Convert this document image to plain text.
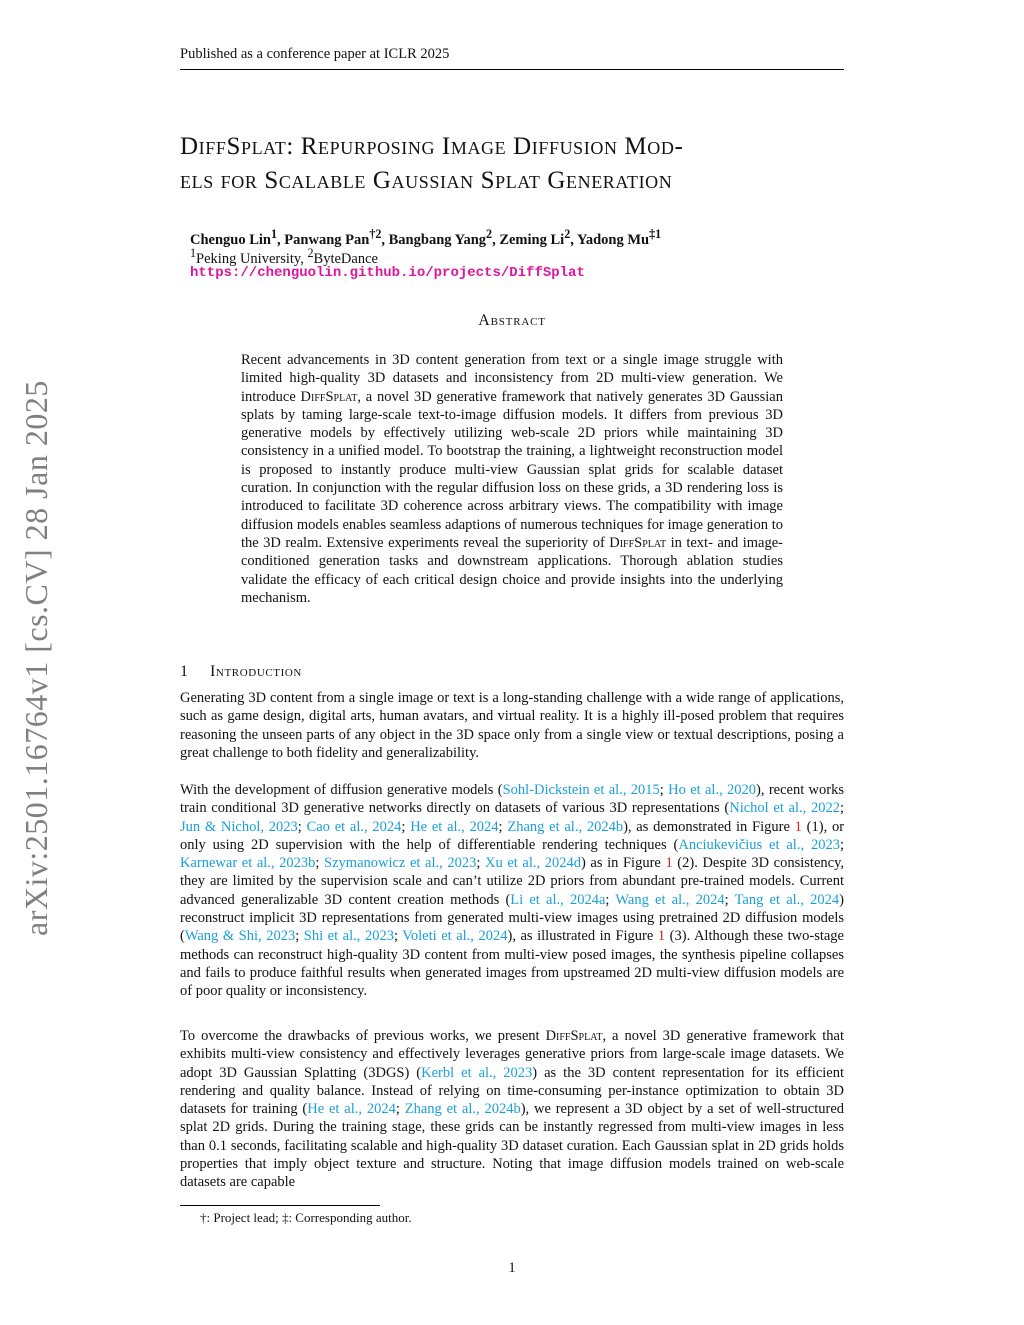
Published as a conference paper at ICLR 2025
arXiv:2501.16764v1 [cs.CV] 28 Jan 2025
DiffSplat: Repurposing Image Diffusion Mod-
els for Scalable Gaussian Splat Generation
Chenguo Lin$^1$, Panwang Pan$^{\dagger 2}$, Bangbang Yang$^2$, Zeming Li$^2$, Yadong Mu$^{\ddagger 1}$
$^1$Peking University, $^2$ByteDance
https://chenguolin.github.io/projects/DiffSplat
Abstract
Recent advancements in 3D content generation from text or a single image struggle with limited high-quality 3D datasets and inconsistency from 2D multi-view generation. We introduce DiffSplat, a novel 3D generative framework that natively generates 3D Gaussian splats by taming large-scale text-to-image diffusion models. It differs from previous 3D generative models by effectively utilizing web-scale 2D priors while maintaining 3D consistency in a unified model. To bootstrap the training, a lightweight reconstruction model is proposed to instantly produce multi-view Gaussian splat grids for scalable dataset curation. In conjunction with the regular diffusion loss on these grids, a 3D rendering loss is introduced to facilitate 3D coherence across arbitrary views. The compatibility with image diffusion models enables seamless adaptions of numerous techniques for image generation to the 3D realm. Extensive experiments reveal the superiority of DiffSplat in text- and image-conditioned generation tasks and downstream applications. Thorough ablation studies validate the efficacy of each critical design choice and provide insights into the underlying mechanism.
1 Introduction

Generating 3D content from a single image or text is a long-standing challenge with a wide range of applications, such as game design, digital arts, human avatars, and virtual reality. It is a highly ill-posed problem that requires reasoning the unseen parts of any object in the 3D space only from a single view or textual descriptions, posing a great challenge to both fidelity and generalizability.

With the development of diffusion generative models (Sohl-Dickstein et al., 2015; Ho et al., 2020), recent works train conditional 3D generative networks directly on datasets of various 3D representations (Nichol et al., 2022; Jun & Nichol, 2023; Cao et al., 2024; He et al., 2024; Zhang et al., 2024b), as demonstrated in Figure 1 (1), or only using 2D supervision with the help of differentiable rendering techniques (Anciukevičius et al., 2023; Karnewar et al., 2023b; Szymanowicz et al., 2023; Xu et al., 2024d) as in Figure 1 (2). Despite 3D consistency, they are limited by the supervision scale and can’t utilize 2D priors from abundant pre-trained models. Current advanced generalizable 3D content creation methods (Li et al., 2024a; Wang et al., 2024; Tang et al., 2024) reconstruct implicit 3D representations from generated multi-view images using pretrained 2D diffusion models (Wang & Shi, 2023; Shi et al., 2023; Voleti et al., 2024), as illustrated in Figure 1 (3). Although these two-stage methods can reconstruct high-quality 3D content from multi-view posed images, the synthesis pipeline collapses and fails to produce faithful results when generated images from upstreamed 2D multi-view diffusion models are of poor quality or inconsistency.

To overcome the drawbacks of previous works, we present DiffSplat, a novel 3D generative framework that exhibits multi-view consistency and effectively leverages generative priors from large-scale image datasets. We adopt 3D Gaussian Splatting (3DGS) (Kerbl et al., 2023) as the 3D content representation for its efficient rendering and quality balance. Instead of relying on time-consuming per-instance optimization to obtain 3D datasets for training (He et al., 2024; Zhang et al., 2024b), we represent a 3D object by a set of well-structured splat 2D grids. During the training stage, these grids can be instantly regressed from multi-view images in less than 0.1 seconds, facilitating scalable and high-quality 3D dataset curation. Each Gaussian splat in 2D grids holds properties that imply object texture and structure. Noting that image diffusion models trained on web-scale datasets are capable

†: Project lead; ‡: Corresponding author.
1
